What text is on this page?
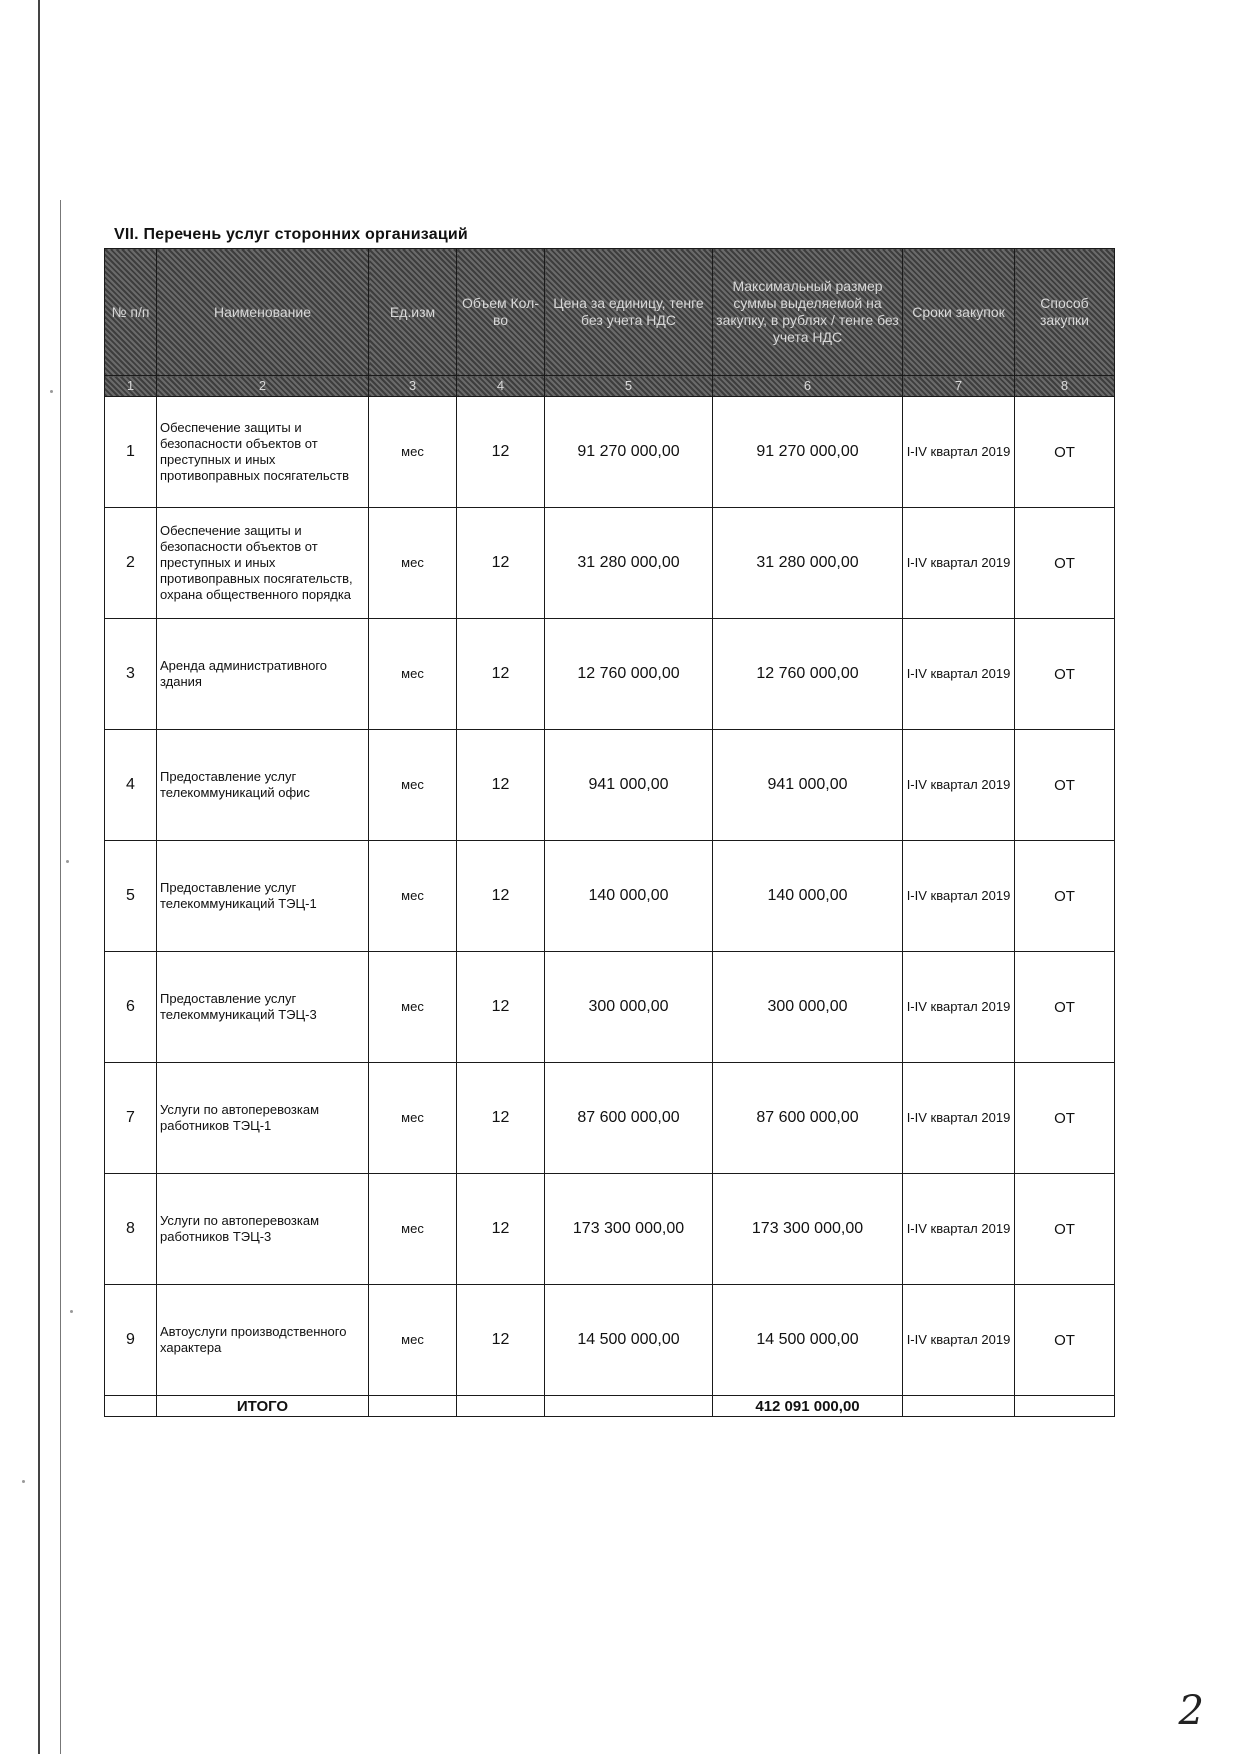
VII. Перечень услуг сторонних организаций
№ п/п	Наименование	Ед.изм	Объем Кол-во	Цена за единицу, тенге без учета НДС	Максимальный размер суммы выделяемой на закупку, в рублях / тенге без учета НДС	Сроки закупок	Способ закупки
1	2	3	4	5	6	7	8
1	Обеспечение защиты и безопасности объектов от преступных и иных противоправных посягательств	мес	12	91 270 000,00	91 270 000,00	I-IV квартал 2019	ОТ
2	Обеспечение защиты и безопасности объектов от преступных и иных противоправных посягательств, охрана общественного порядка	мес	12	31 280 000,00	31 280 000,00	I-IV квартал 2019	ОТ
3	Аренда административного здания	мес	12	12 760 000,00	12 760 000,00	I-IV квартал 2019	ОТ
4	Предоставление услуг телекоммуникаций офис	мес	12	941 000,00	941 000,00	I-IV квартал 2019	ОТ
5	Предоставление услуг телекоммуникаций ТЭЦ-1	мес	12	140 000,00	140 000,00	I-IV квартал 2019	ОТ
6	Предоставление услуг телекоммуникаций ТЭЦ-3	мес	12	300 000,00	300 000,00	I-IV квартал 2019	ОТ
7	Услуги по автоперевозкам работников ТЭЦ-1	мес	12	87 600 000,00	87 600 000,00	I-IV квартал 2019	ОТ
8	Услуги по автоперевозкам работников ТЭЦ-3	мес	12	173 300 000,00	173 300 000,00	I-IV квартал 2019	ОТ
9	Автоуслуги производственного характера	мес	12	14 500 000,00	14 500 000,00	I-IV квартал 2019	ОТ
	ИТОГО				412 091 000,00		
2
